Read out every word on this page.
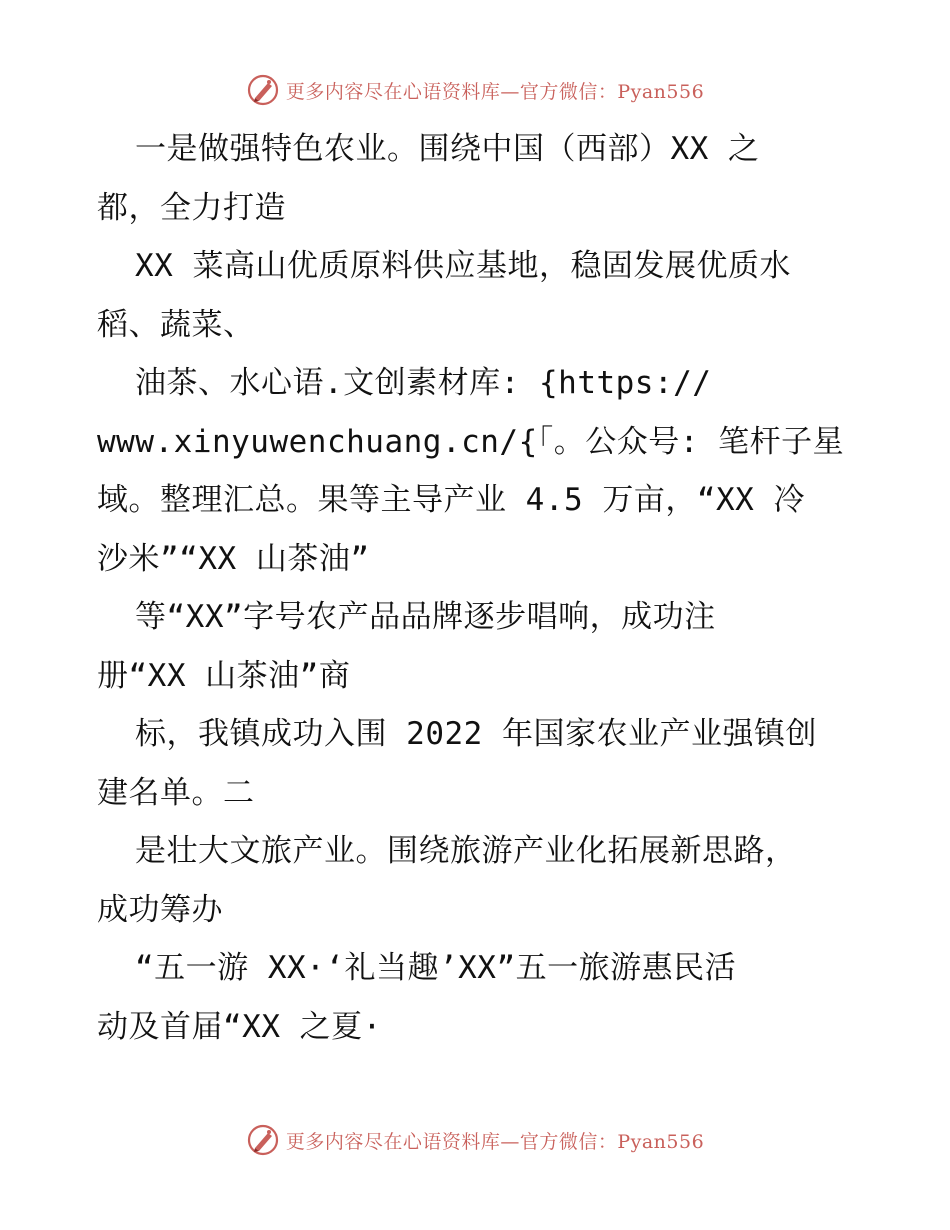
更多内容尽在心语资料库—官方微信：Pyan556
一是做强特色农业。围绕中国（西部）XX 之
都，全力打造
XX 菜高山优质原料供应基地，稳固发展优质水
稻、蔬菜、
油茶、水心语.文创素材库: {https://
www.xinyuwenchuang.cn/{「。公众号: 笔杆子星
域。整理汇总。果等主导产业 4.5 万亩，“XX 冷
沙米”“XX 山茶油”
等“XX”字号农产品品牌逐步唱响，成功注
册“XX 山茶油”商
标，我镇成功入围 2022 年国家农业产业强镇创
建名单。二
是壮大文旅产业。围绕旅游产业化拓展新思路，
成功筹办
“五一游 XX·‘礼当趣’XX”五一旅游惠民活
动及首届“XX 之夏·
更多内容尽在心语资料库—官方微信：Pyan556
